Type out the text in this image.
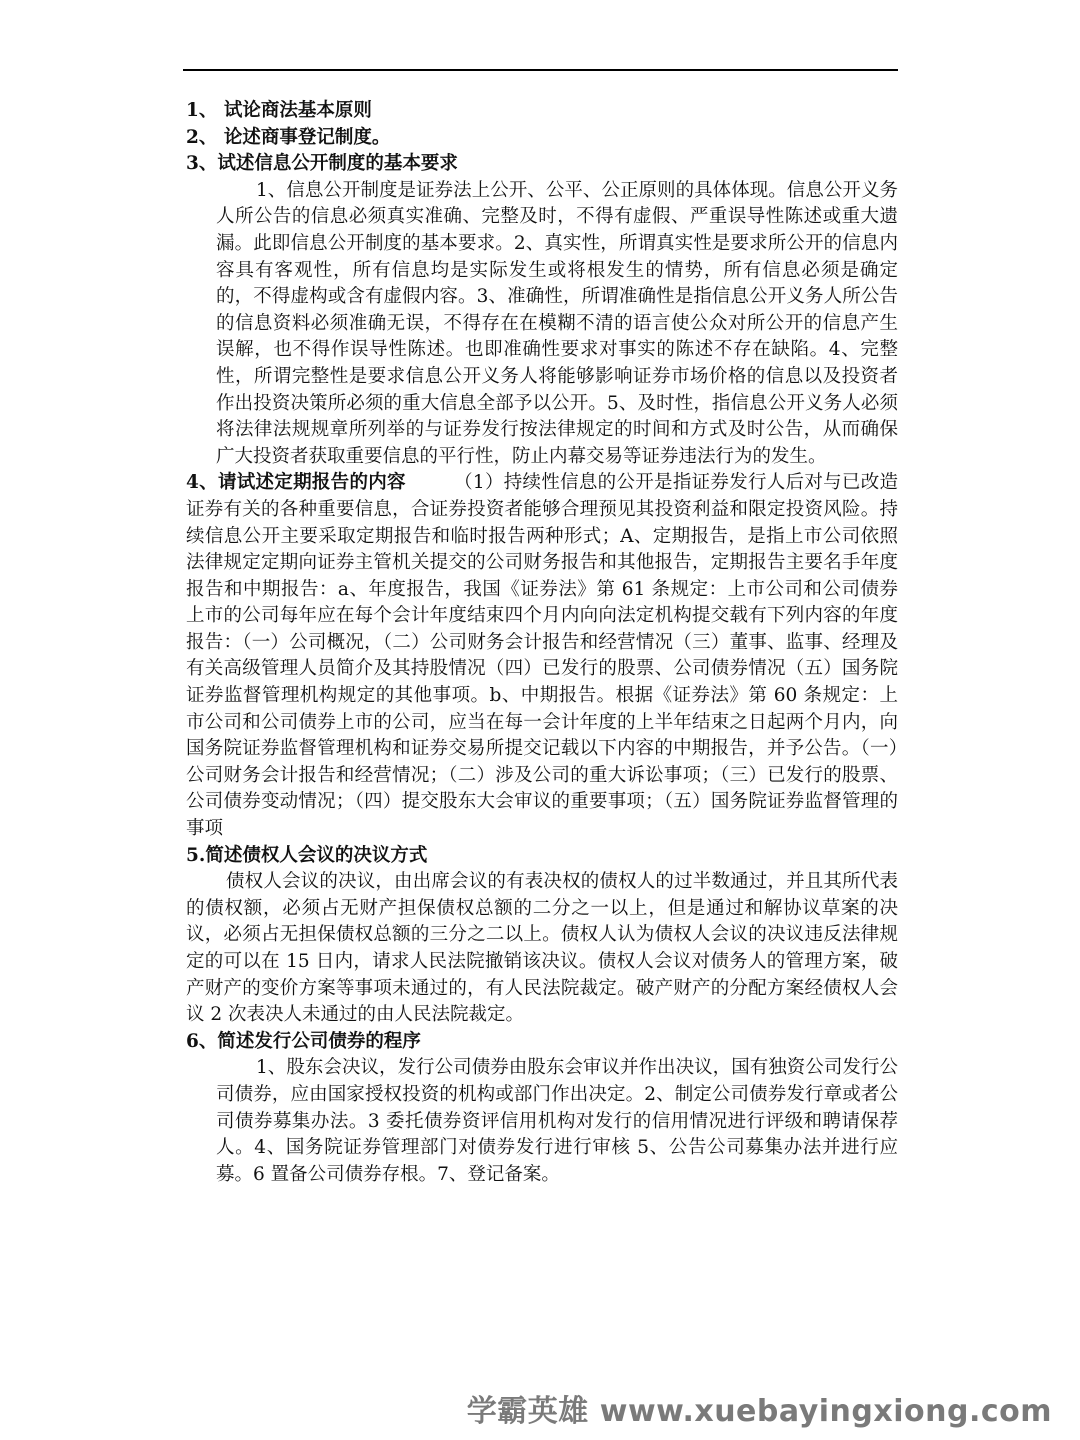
1、 试论商法基本原则

2、 论述商事登记制度。

3、试述信息公开制度的基本要求

1、信息公开制度是证券法上公开、公平、公正原则的具体体现。信息公开义务人所公告的信息必须真实准确、完整及时，不得有虚假、严重误导性陈述或重大遗漏。此即信息公开制度的基本要求。2、真实性，所谓真实性是要求所公开的信息内容具有客观性，所有信息均是实际发生或将根发生的情势，所有信息必须是确定的，不得虚构或含有虚假内容。3、准确性，所谓准确性是指信息公开义务人所公告的信息资料必须准确无误，不得存在在模糊不清的语言使公众对所公开的信息产生误解，也不得作误导性陈述。也即准确性要求对事实的陈述不存在缺陷。4、完整性，所谓完整性是要求信息公开义务人将能够影响证券市场价格的信息以及投资者作出投资决策所必须的重大信息全部予以公开。5、及时性，指信息公开义务人必须将法律法规规章所列举的与证券发行按法律规定的时间和方式及时公告，从而确保广大投资者获取重要信息的平行性，防止内幕交易等证券违法行为的发生。

4、请试述定期报告的内容	（1）持续性信息的公开是指证券发行人后对与已改造证券有关的各种重要信息，合证券投资者能够合理预见其投资利益和限定投资风险。持续信息公开主要采取定期报告和临时报告两种形式；A、定期报告，是指上市公司依照法律规定定期向证券主管机关提交的公司财务报告和其他报告，定期报告主要名手年度报告和中期报告：a、年度报告，我国《证券法》第 61 条规定：上市公司和公司债券上市的公司每年应在每个会计年度结束四个月内向向法定机构提交载有下列内容的年度报告：（一）公司概况，（二）公司财务会计报告和经营情况（三）董事、监事、经理及有关高级管理人员简介及其持股情况（四）已发行的股票、公司债券情况（五）国务院证券监督管理机构规定的其他事项。b、中期报告。根据《证券法》第 60 条规定：上市公司和公司债券上市的公司，应当在每一会计年度的上半年结束之日起两个月内，向国务院证券监督管理机构和证券交易所提交记载以下内容的中期报告，并予公告。（一）公司财务会计报告和经营情况；（二）涉及公司的重大诉讼事项；（三）已发行的股票、公司债券变动情况；（四）提交股东大会审议的重要事项；（五）国务院证券监督管理的事项

5.简述债权人会议的决议方式

债权人会议的决议，由出席会议的有表决权的债权人的过半数通过，并且其所代表的债权额，必须占无财产担保债权总额的二分之一以上，但是通过和解协议草案的决议，必须占无担保债权总额的三分之二以上。债权人认为债权人会议的决议违反法律规定的可以在 15 日内，请求人民法院撤销该决议。债权人会议对债务人的管理方案，破产财产的变价方案等事项未通过的，有人民法院裁定。破产财产的分配方案经债权人会议 2 次表决人未通过的由人民法院裁定。

6、简述发行公司债券的程序

1、股东会决议，发行公司债券由股东会审议并作出决议，国有独资公司发行公司债券，应由国家授权投资的机构或部门作出决定。2、制定公司债券发行章或者公司债券募集办法。3 委托债券资评信用机构对发行的信用情况进行评级和聘请保荐人。4、国务院证券管理部门对债券发行进行审核 5、公告公司募集办法并进行应募。6 置备公司债券存根。7、登记备案。

学霸英雄 www.xuebayingxiong.com
